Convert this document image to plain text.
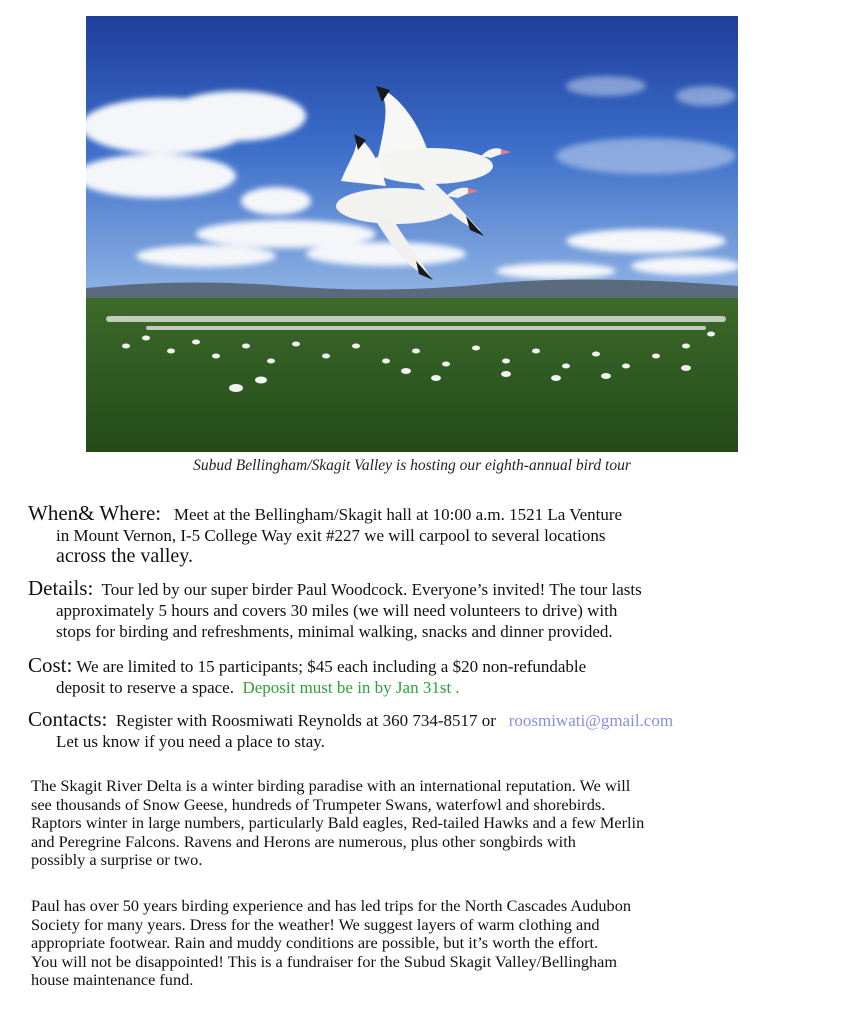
Subud Bellingham/Skagit Valley is hosting our eighth-annual bird tour
When& Where: Meet at the Bellingham/Skagit hall at 10:00 a.m. 1521 La Venture
in Mount Vernon, I-5 College Way exit #227 we will carpool to several locations
across the valley.
Details: Tour led by our super birder Paul Woodcock. Everyone’s invited! The tour lasts
approximately 5 hours and covers 30 miles (we will need volunteers to drive) with
stops for birding and refreshments, minimal walking, snacks and dinner provided.
Cost: We are limited to 15 participants; $45 each including a $20 non-refundable
deposit to reserve a space. Deposit must be in by Jan 31st .
Contacts: Register with Roosmiwati Reynolds at 360 734-8517 or roosmiwati@gmail.com
Let us know if you need a place to stay.
The Skagit River Delta is a winter birding paradise with an international reputation. We will
see thousands of Snow Geese, hundreds of Trumpeter Swans, waterfowl and shorebirds.
Raptors winter in large numbers, particularly Bald eagles, Red-tailed Hawks and a few Merlin
and Peregrine Falcons. Ravens and Herons are numerous, plus other songbirds with
possibly a surprise or two.
Paul has over 50 years birding experience and has led trips for the North Cascades Audubon
Society for many years. Dress for the weather! We suggest layers of warm clothing and
appropriate footwear. Rain and muddy conditions are possible, but it’s worth the effort.
You will not be disappointed! This is a fundraiser for the Subud Skagit Valley/Bellingham
house maintenance fund.
